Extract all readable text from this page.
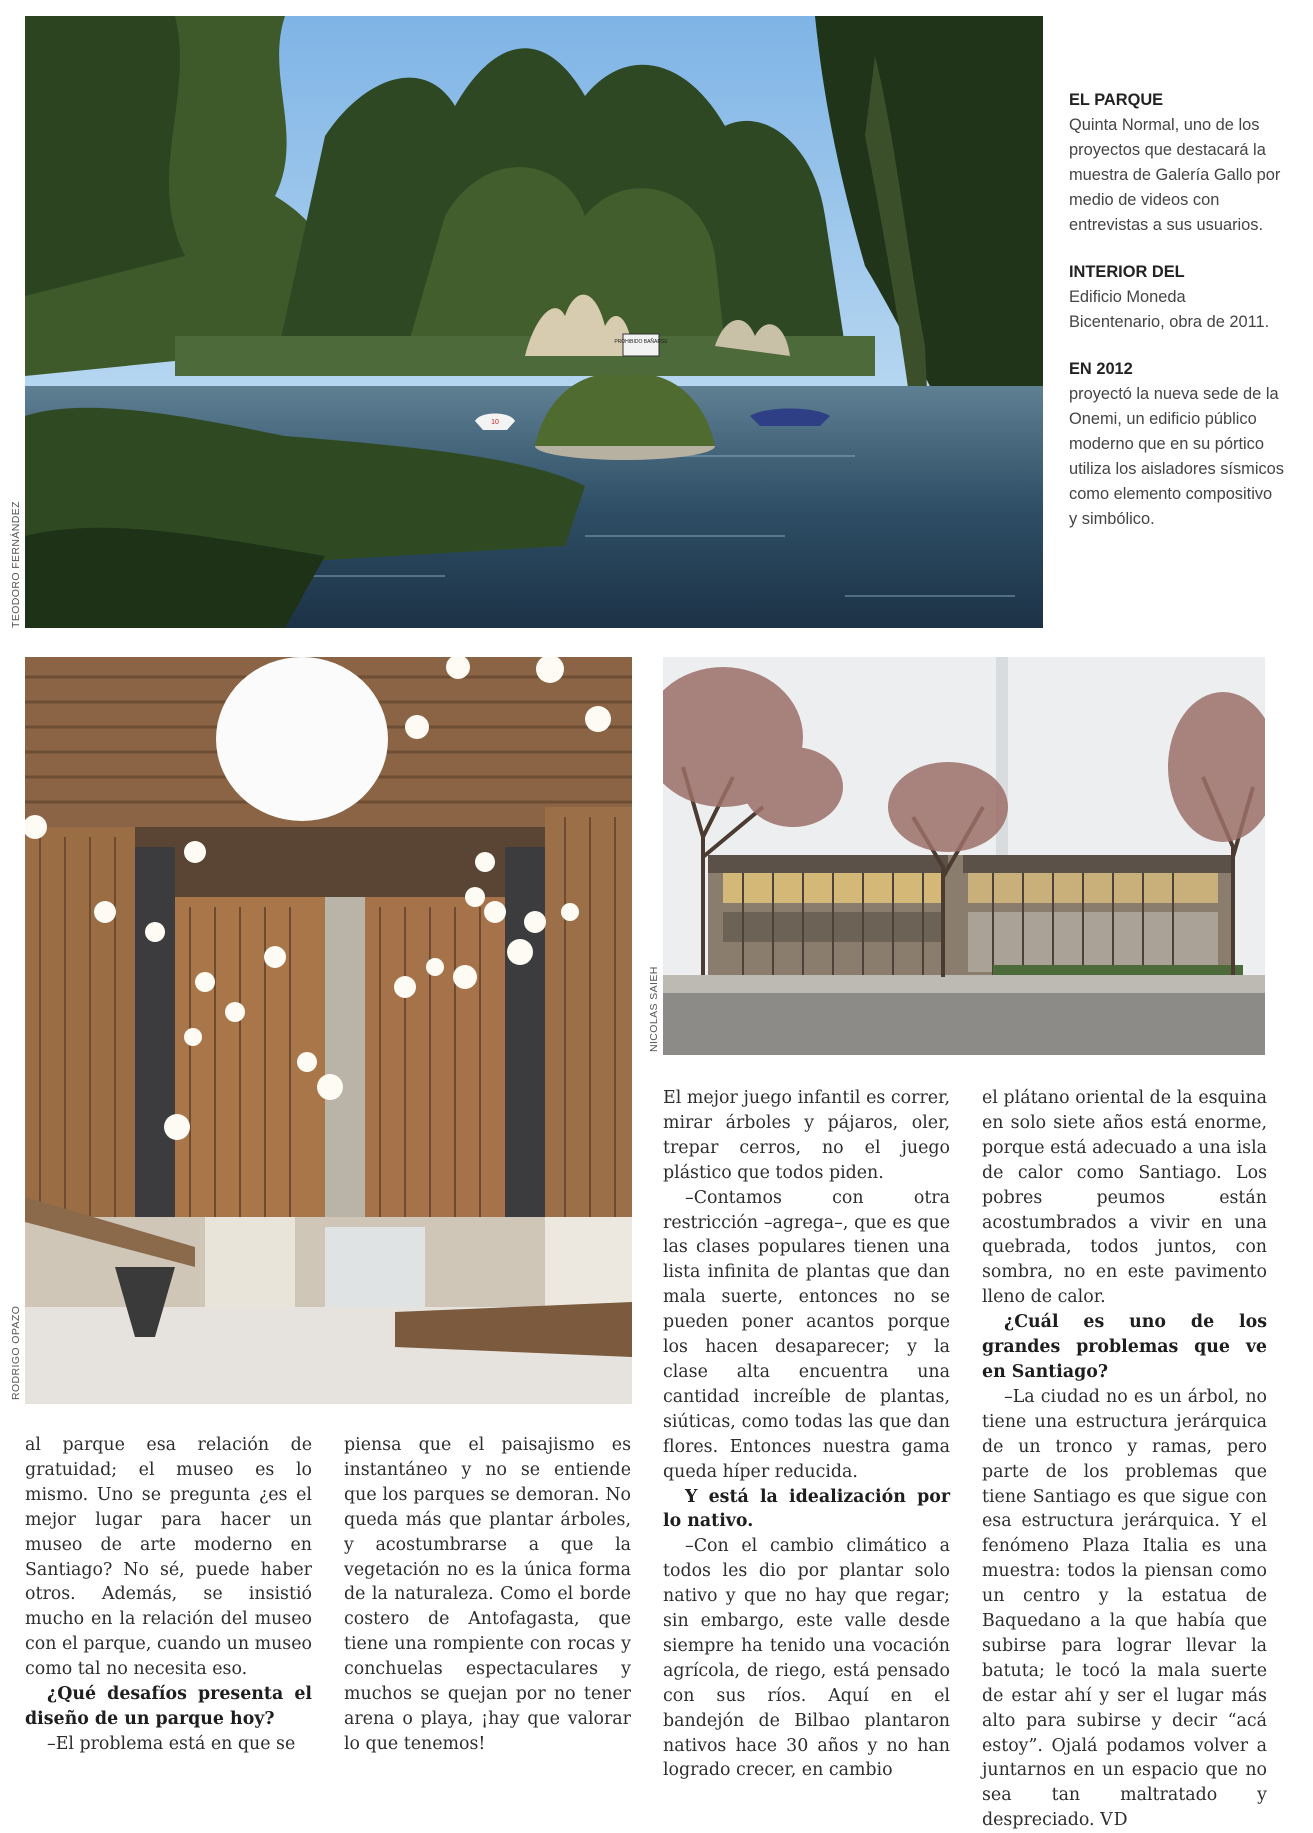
PROHIBIDO BAÑARSE
10
TEODORO FERNÁNDEZ
EL PARQUE
Quinta Normal, uno de los proyectos que destacará la muestra de Galería Gallo por medio de videos con entrevistas a sus usuarios.
INTERIOR DEL
Edificio Moneda Bicentenario, obra de 2011.
EN 2012
proyectó la nueva sede de la Onemi, un edificio público moderno que en su pórtico utiliza los aisladores sísmicos como elemento compositivo y simbólico.
RODRIGO OPAZO
NICOLAS SAIEH

al parque esa relación de gratuidad; el museo es lo mismo. Uno se pregunta ¿es el mejor lugar para hacer un museo de arte moderno en Santiago? No sé, puede haber otros. Además, se insistió mucho en la relación del museo con el parque, cuando un museo como tal no necesita eso.

¿Qué desafíos presenta el diseño de un parque hoy?

–El problema está en que se

piensa que el paisajismo es instantáneo y no se entiende que los parques se demoran. No queda más que plantar árboles, y acostumbrarse a que la vegetación no es la única forma de la naturaleza. Como el borde costero de Antofagasta, que tiene una rompiente con rocas y conchuelas espectaculares y muchos se quejan por no tener arena o playa, ¡hay que valorar lo que tenemos!

El mejor juego infantil es correr, mirar árboles y pájaros, oler, trepar cerros, no el juego plástico que todos piden.

–Contamos con otra restricción –agrega–, que es que las clases populares tienen una lista infinita de plantas que dan mala suerte, entonces no se pueden poner acantos porque los hacen desaparecer; y la clase alta encuentra una cantidad increíble de plantas, siúticas, como todas las que dan flores. Entonces nuestra gama queda híper reducida.

Y está la idealización por lo nativo.

–Con el cambio climático a todos les dio por plantar solo nativo y que no hay que regar; sin embargo, este valle desde siempre ha tenido una vocación agrícola, de riego, está pensado con sus ríos. Aquí en el bandejón de Bilbao plantaron nativos hace 30 años y no han logrado crecer, en cambio

el plátano oriental de la esquina en solo siete años está enorme, porque está adecuado a una isla de calor como Santiago. Los pobres peumos están acostumbrados a vivir en una quebrada, todos juntos, con sombra, no en este pavimento lleno de calor.

¿Cuál es uno de los grandes problemas que ve en Santiago?

–La ciudad no es un árbol, no tiene una estructura jerárquica de un tronco y ramas, pero parte de los problemas que tiene Santiago es que sigue con esa estructura jerárquica. Y el fenómeno Plaza Italia es una muestra: todos la piensan como un centro y la estatua de Baquedano a la que había que subirse para lograr llevar la batuta; le tocó la mala suerte de estar ahí y ser el lugar más alto para subirse y decir “acá estoy”. Ojalá podamos volver a juntarnos en un espacio que no sea tan maltratado y despreciado. VD
